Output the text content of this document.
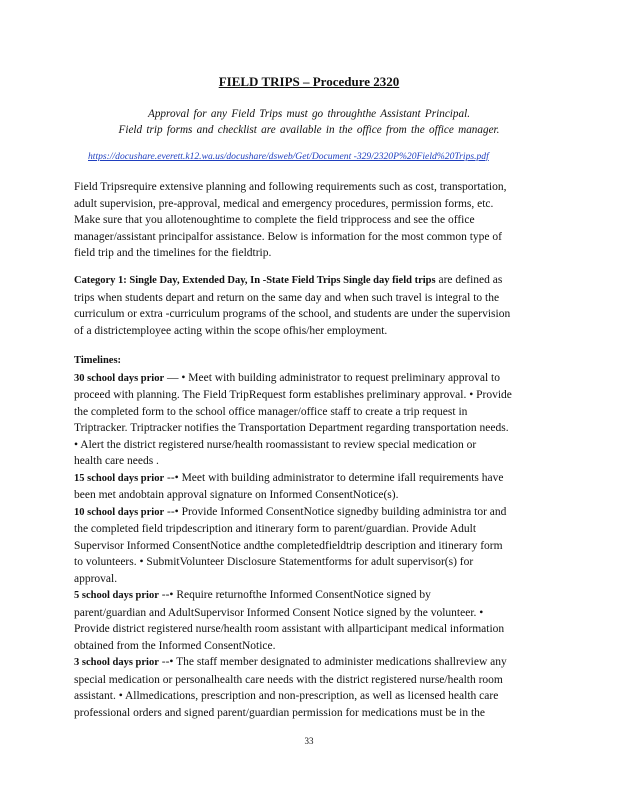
FIELD TRIPS – Procedure 2320
Approval for any Field Trips must go throughthe Assistant Principal.
Field trip forms and checklist are available in the office from the office manager.
https://docushare.everett.k12.wa.us/docushare/dsweb/Get/Document -329/2320P%20Field%20Trips.pdf
Field Tripsrequire extensive planning and following requirements such as cost, transportation,
adult supervision, pre-approval, medical and emergency procedures, permission forms, etc.
Make sure that you allotenoughtime to complete the field tripprocess and see the office
manager/assistant principalfor assistance. Below is information for the most common type of
field trip and the timelines for the fieldtrip.
Category 1: Single Day, Extended Day, In -State Field Trips Single day field trips are defined as
trips when students depart and return on the same day and when such travel is integral to the
curriculum or extra -curriculum programs of the school, and students are under the supervision
of a districtemployee acting within the scope ofhis/her employment.
Timelines:
30 school days prior — • Meet with building administrator to request preliminary approval to
proceed with planning. The Field TripRequest form establishes preliminary approval. • Provide
the completed form to the school office manager/office staff to create a trip request in
Triptracker. Triptracker notifies the Transportation Department regarding transportation needs.
• Alert the district registered nurse/health roomassistant to review special medication or
health care needs .
15 school days prior --• Meet with building administrator to determine ifall requirements have
been met andobtain approval signature on Informed ConsentNotice(s).
10 school days prior --• Provide Informed ConsentNotice signedby building administra tor and
the completed field tripdescription and itinerary form to parent/guardian. Provide Adult
Supervisor Informed ConsentNotice andthe completedfieldtrip description and itinerary form
to volunteers. • SubmitVolunteer Disclosure Statementforms for adult supervisor(s) for
approval.
5 school days prior --• Require returnofthe Informed ConsentNotice signed by
parent/guardian and AdultSupervisor Informed Consent Notice signed by the volunteer. •
Provide district registered nurse/health room assistant with allparticipant medical information
obtained from the Informed ConsentNotice.
3 school days prior --• The staff member designated to administer medications shallreview any
special medication or personalhealth care needs with the district registered nurse/health room
assistant. • Allmedications, prescription and non-prescription, as well as licensed health care
professional orders and signed parent/guardian permission for medications must be in the
33
